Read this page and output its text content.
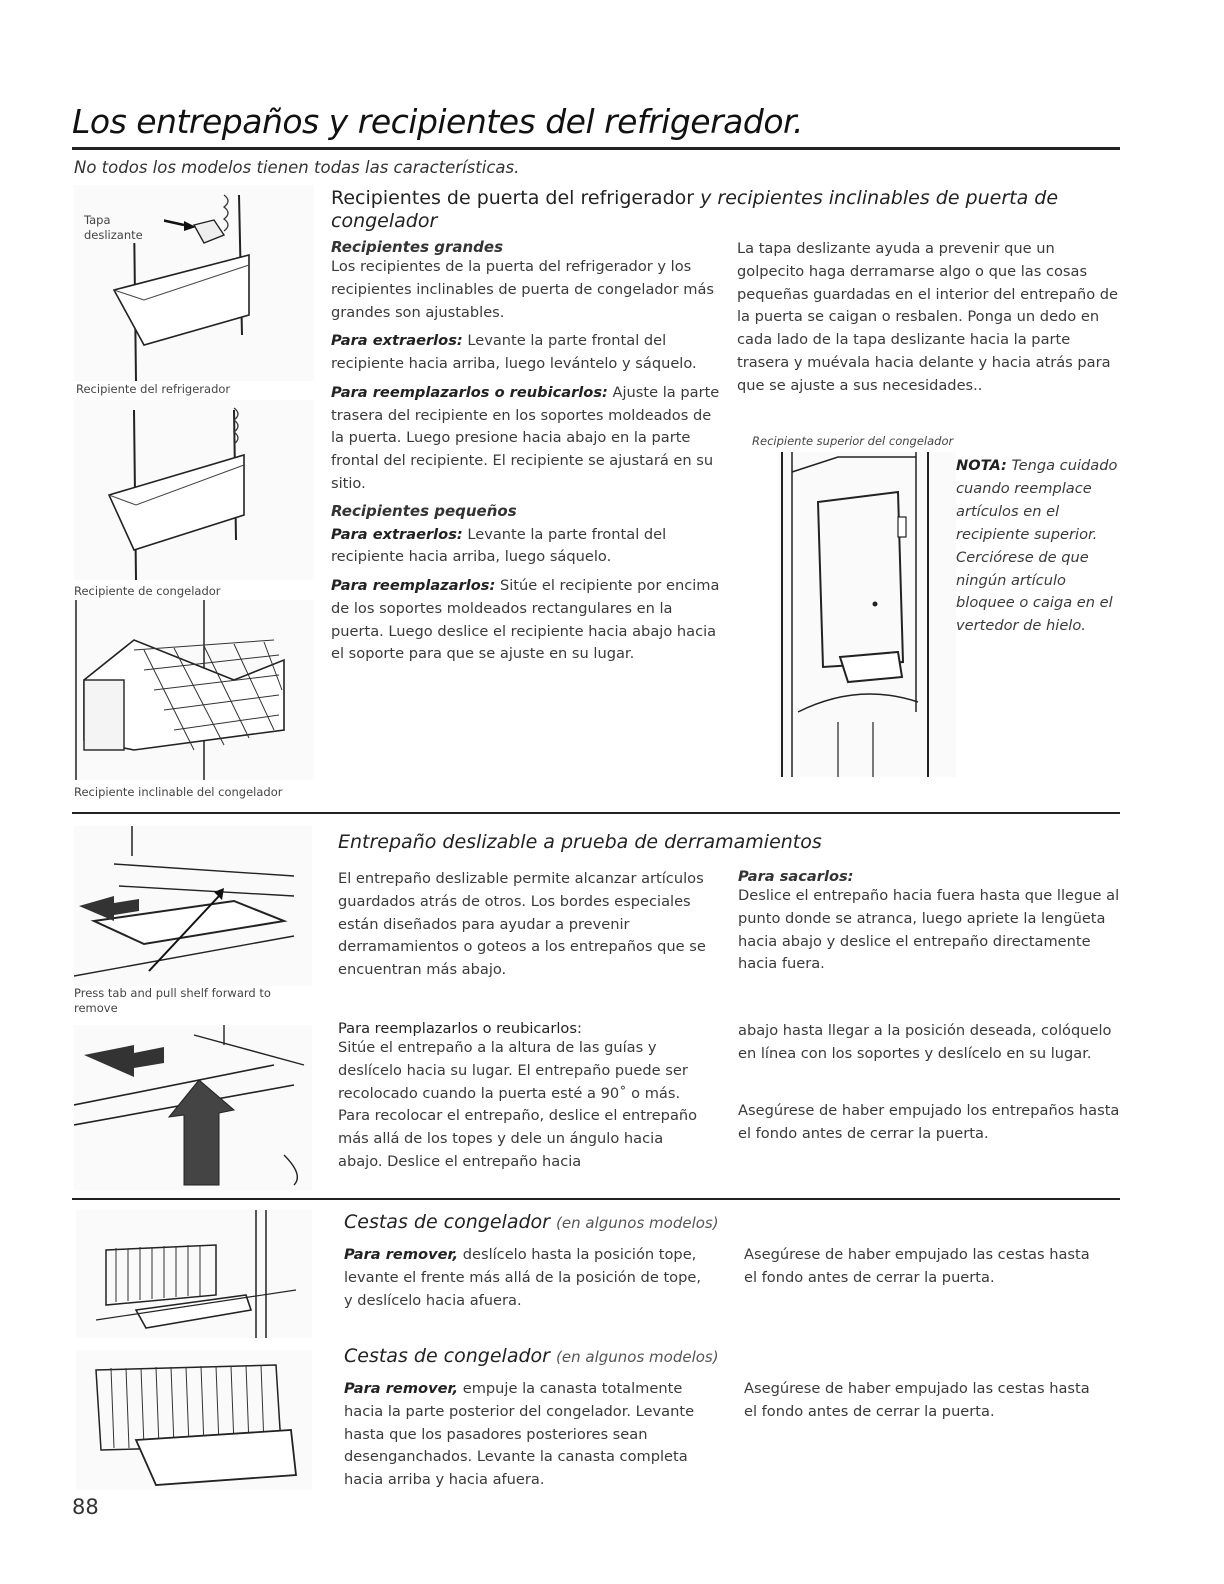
Los entrepaños y recipientes del refrigerador.
No todos los modelos tienen todas las características.
Tapa deslizante
Recipiente del refrigerador
Recipiente de congelador
Recipiente inclinable del congelador
Recipientes de puerta del refrigerador y recipientes inclinables de puerta de congelador
Recipientes grandes

Los recipientes de la puerta del refrigerador y los recipientes inclinables de puerta de congelador más grandes son ajustables.

Para extraerlos: Levante la parte frontal del recipiente hacia arriba, luego levántelo y sáquelo.

Para reemplazarlos o reubicarlos: Ajuste la parte trasera del recipiente en los soportes moldeados de la puerta. Luego presione hacia abajo en la parte frontal del recipiente. El recipiente se ajustará en su sitio.

Recipientes pequeños

Para extraerlos: Levante la parte frontal del recipiente hacia arriba, luego sáquelo.

Para reemplazarlos: Sitúe el recipiente por encima de los soportes moldeados rectangulares en la puerta. Luego deslice el recipiente hacia abajo hacia el soporte para que se ajuste en su lugar.

La tapa deslizante ayuda a prevenir que un golpecito haga derramarse algo o que las cosas pequeñas guardadas en el interior del entrepaño de la puerta se caigan o resbalen. Ponga un dedo en cada lado de la tapa deslizante hacia la parte trasera y muévala hacia delante y hacia atrás para que se ajuste a sus necesidades..
Recipiente superior del congelador
NOTA: Tenga cuidado cuando reemplace artículos en el recipiente superior. Cerciórese de que ningún artículo bloquee o caiga en el vertedor de hielo.
Press tab and pull shelf forward to remove
Entrepaño deslizable a prueba de derramamientos
El entrepaño deslizable permite alcanzar artículos guardados atrás de otros. Los bordes especiales están diseñados para ayudar a prevenir derramamientos o goteos a los entrepaños que se encuentran más abajo.
Para sacarlos:
Deslice el entrepaño hacia fuera hasta que llegue al punto donde se atranca, luego apriete la lengüeta hacia abajo y deslice el entrepaño directamente hacia fuera.
Para reemplazarlos o reubicarlos:
Sitúe el entrepaño a la altura de las guías y deslícelo hacia su lugar. El entrepaño puede ser recolocado cuando la puerta esté a 90˚ o más. Para recolocar el entrepaño, deslice el entrepaño más allá de los topes y dele un ángulo hacia abajo. Deslice el entrepaño hacia
abajo hasta llegar a la posición deseada, colóquelo en línea con los soportes y deslícelo en su lugar.
Asegúrese de haber empujado los entrepaños hasta el fondo antes de cerrar la puerta.
Cestas de congelador (en algunos modelos)
Para remover, deslícelo hasta la posición tope, levante el frente más allá de la posición de tope, y deslícelo hacia afuera.
Asegúrese de haber empujado las cestas hasta el fondo antes de cerrar la puerta.
Cestas de congelador (en algunos modelos)
Para remover, empuje la canasta totalmente hacia la parte posterior del congelador. Levante hasta que los pasadores posteriores sean desenganchados. Levante la canasta completa hacia arriba y hacia afuera.
Asegúrese de haber empujado las cestas hasta el fondo antes de cerrar la puerta.
88
